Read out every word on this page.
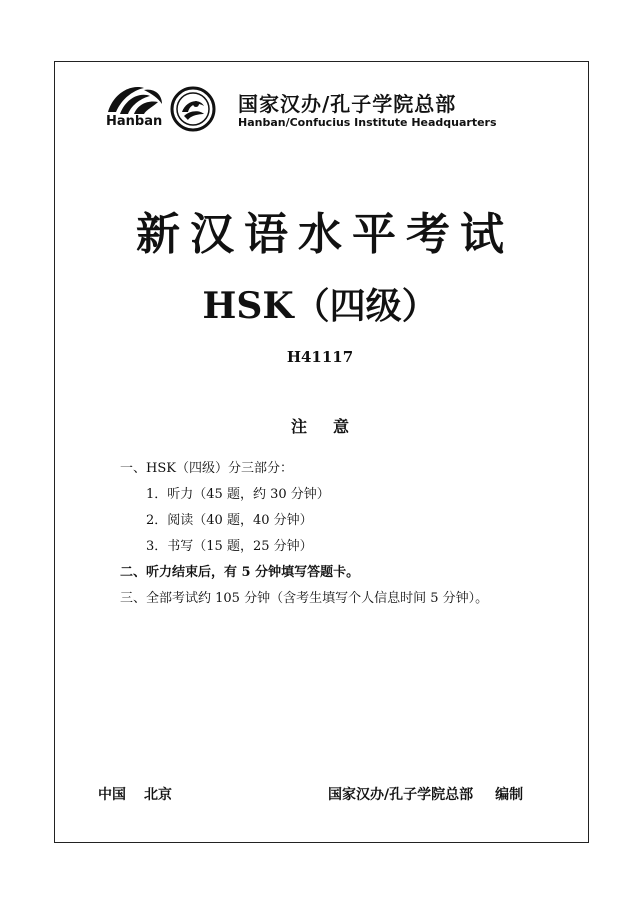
Hanban
国家汉办/孔子学院总部
Hanban/Confucius Institute Headquarters
新汉语水平考试
HSK（四级）
H41117
注意
一、HSK（四级）分三部分：
1．听力（45 题，约 30 分钟）
2．阅读（40 题，40 分钟）
3．书写（15 题，25 分钟）
二、听力结束后，有 5 分钟填写答题卡。
三、全部考试约 105 分钟（含考生填写个人信息时间 5 分钟）。
中国 北京	国家汉办/孔子学院总部 编制
